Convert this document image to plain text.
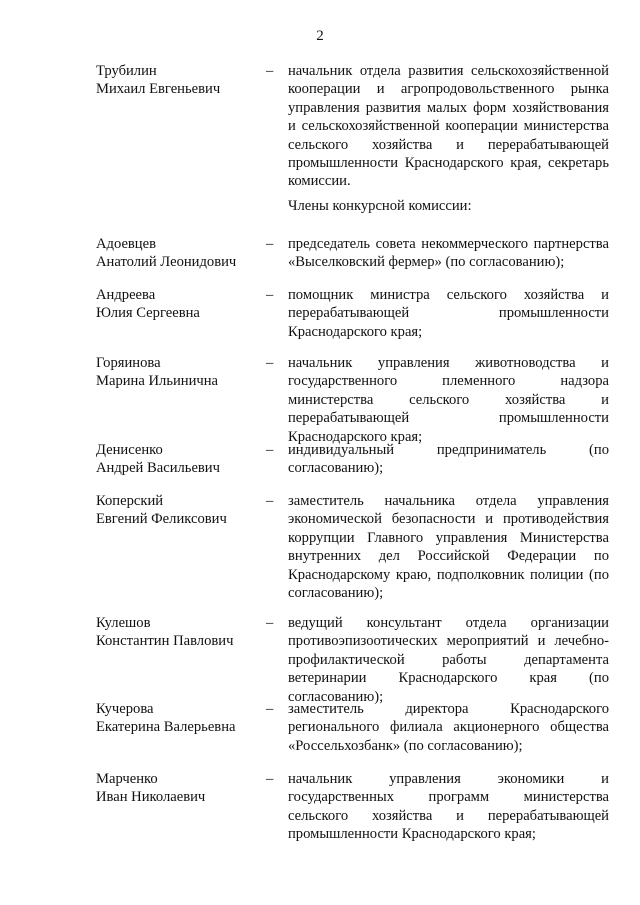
2
Трубилин
Михаил Евгеньевич
– начальник отдела развития сельскохозяйственной кооперации и агропродовольственного рынка управления развития малых форм хозяйствования и сельскохозяйственной кооперации министерства сельского хозяйства и перерабатывающей промышленности Краснодарского края, секретарь комиссии.
Члены конкурсной комиссии:
Адоевцев
Анатолий Леонидович
– председатель совета некоммерческого партнерства «Выселковский фермер» (по согласованию);
Андреева
Юлия Сергеевна
– помощник министра сельского хозяйства и перерабатывающей промышленности Краснодарского края;
Горяинова
Марина Ильинична
– начальник управления животноводства и государственного племенного надзора министерства сельского хозяйства и перерабатывающей промышленности Краснодарского края;
Денисенко
Андрей Васильевич
– индивидуальный предприниматель (по согласованию);
Коперский
Евгений Феликсович
– заместитель начальника отдела управления экономической безопасности и противодействия коррупции Главного управления Министерства внутренних дел Российской Федерации по Краснодарскому краю, подполковник полиции (по согласованию);
Кулешов
Константин Павлович
– ведущий консультант отдела организации противоэпизоотических мероприятий и лечебно-профилактической работы департамента ветеринарии Краснодарского края (по согласованию);
Кучерова
Екатерина Валерьевна
– заместитель директора Краснодарского регионального филиала акционерного общества «Россельхозбанк» (по согласованию);
Марченко
Иван Николаевич
– начальник управления экономики и государственных программ министерства сельского хозяйства и перерабатывающей промышленности Краснодарского края;
